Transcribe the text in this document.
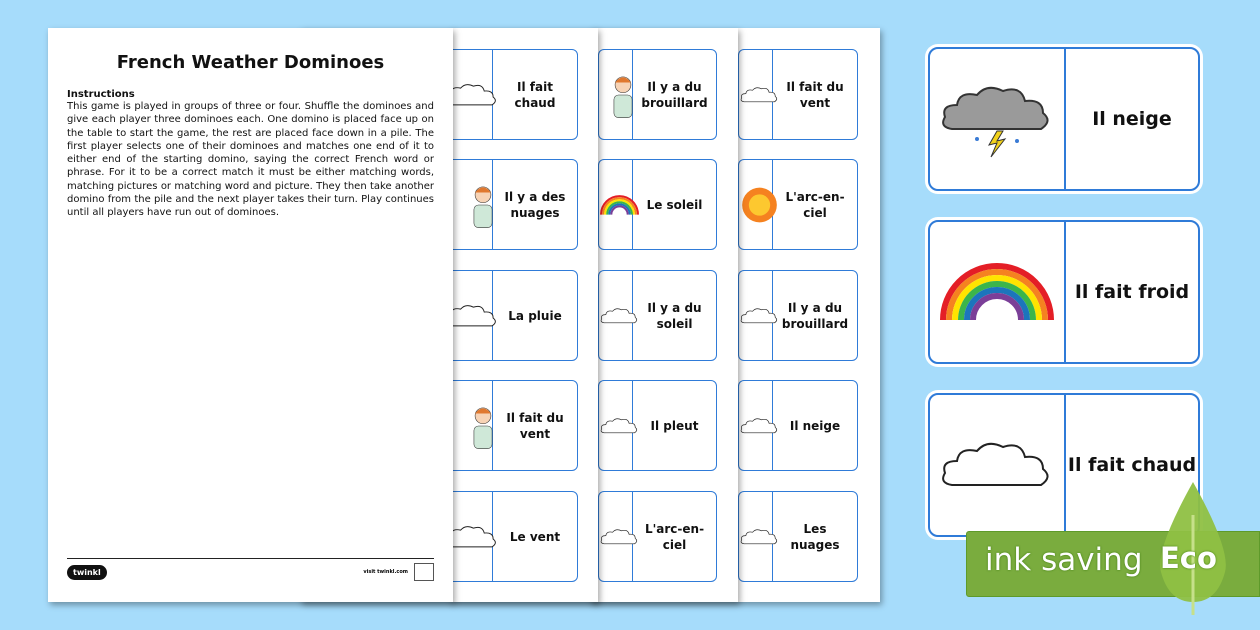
French Weather Dominoes
Instructions
This game is played in groups of three or four. Shuffle the dominoes and give each player three dominoes each. One domino is placed face up on the table to start the game, the rest are placed face down in a pile. The first player selects one of their dominoes and matches one end of it to either end of the starting domino, saying the correct French word or phrase. For it to be a correct match it must be either matching words, matching pictures or matching word and picture. They then take another domino from the pile and the next player takes their turn. Play continues until all players have run out of dominoes.
twinkl	visit twinkl.com
Il fait chaud
Il y a des nuages
La pluie
Il fait du vent
Le vent
Il y a du brouillard
Le soleil
Il y a du soleil
Il pleut
L'arc-en-ciel
Il fait du vent
L'arc-en-ciel
Il y a du brouillard
Il neige
Les nuages
Il neige
Il fait froid
Il fait chaud
ink saving Eco
